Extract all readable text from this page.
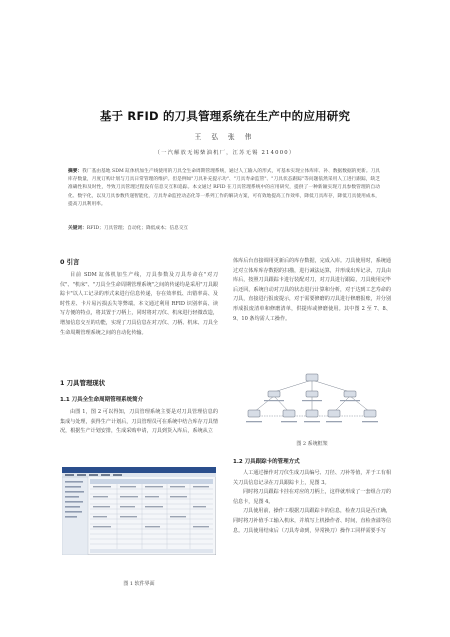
基于 RFID 的刀具管理系统在生产中的应用研究
王 弘 张 伟
（一汽解放无锡柴油机厂，江苏无锡 214000）
摘要：我厂基由基地 SDM 缸体机加生产线使用的刀具全生命周期管理系统，通过人工输入的形式，可基本实现立体库库、补、数据数据的更新。刀具库存数量，月度订购计划与刀具日常管理的维护。但是例如"刀具补充提示功"、"刀具寿命监管"、"刀具状态跟踪"等问题依然采用人工进行跟踪，缺乏准确性和及时性，导致刀具管理过程没有信息交互和追踪。本文通过 RFID 在刀具管理系统中的应用研究，提供了一种新颖实现刀具参数管理的自动化、数字化，以及刀具参数传递智能化，刀具寿命监控动态化等一系列工作的解决方案，可有效地提高工作效率，降低刀具库存，降低刀具使用成本，提高刀具利用率。
关键词：RFID；刀具管理；自动化；降低成本；信息交互
0 引言

目前 SDM 缸体机加生产线，刀具参数及刀具寿命在"对刀仪"、"机床"、"刀具全生命周期管理系统"之间的传递均是采用"刀具跟踪卡"以人工记录的形式来进行信息传递，存在效率低、出错率高、及时性差、卡片易污损丢失等弊端。本文通过利用 RFID 识别率高、读写方便的特点，将其置于刀柄上，同时将对刀仪、机床进行轻微改造，增加信息交互的功能，实现了刀具信息在对刀仪、刀柄、机床、刀具全生命周期管理系统之间的自动化传输。

1 刀具管理现状
1.1 刀具全生命周期管理系统简介

由图 1，图 2 可以得知，刀具管理系统主要是对刀具管理信息的集成与处理，获得生产计划后，刀具管理员可在系统中结合库存刀具情况，根据生产计划安排，生成采购申请，刀具到货入库后，系统从立

图 1 软件界面

体库后台直接调用更新后的库存数据，完成入库。刀具使用时，系统通过对立体库库存数据的扫描，进行减法运算，并形成出库记录，刀具由库后，按照刀具跟踪卡进行装配对刀，对刀具进行跟踪，刀具使用完毕后还回，系统自动对刀具的状态进行计算和分析，对于达到工艺寿命的刀具，直接进行报废提示，对于需要修磨的刀具进行修磨报账，并分别形成报废清单和修磨清单，供提库或修磨使用。其中图 2 至 7、8、9、10 条均需人工操作。

图 2 系统框架
1.2 刀具跟踪卡的管理方式

人工通过操作对刀仪生成刀具编号、刀径、刀补等值，并于工有相关刀具信息记录在刀具跟踪卡上，见图 3。

同时将刀具跟踪卡挂在对应的刀柄上，这样就形成了一套组合刀的信息卡，见图 4。

刀具使用前，操作工根据刀具跟踪卡的信息，检查刀具是否正确，同时将刀补值手工输入机床，并填写上机操作者、时间，直检查溢等信息。刀具使用结束后（刀具寿命到，异常换刀）操作工同样需要手写
